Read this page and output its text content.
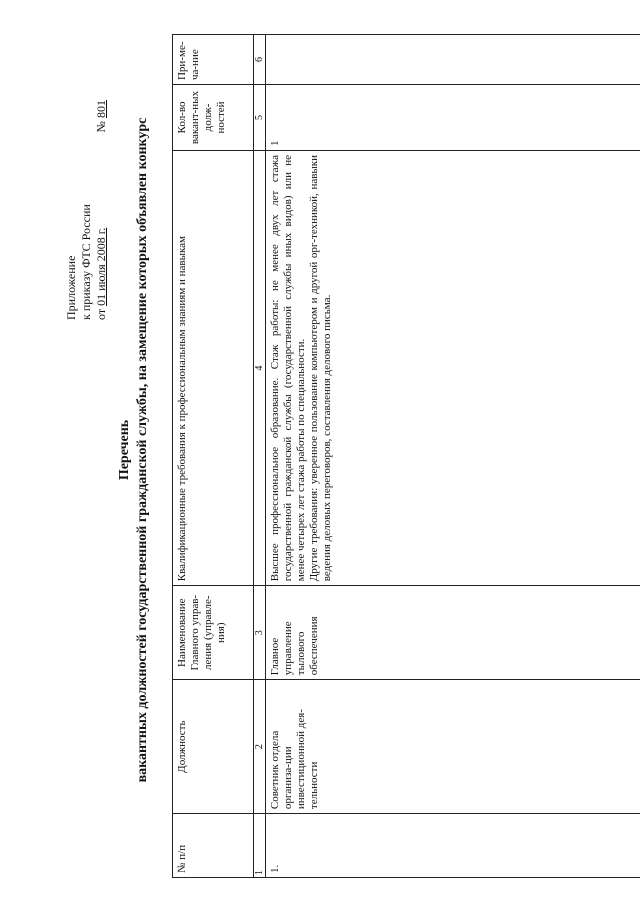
Приложение к приказу ФТС России от 01 июля 2008 г.
№ 801
Перечень вакантных должностей государственной гражданской службы, на замещение которых объявлен конкурс
№ п/п	Должность	Наименование Главного управ-ления (управле-ния)	Квалификационные требования к профессиональным знаниям и навыкам	Кол-во вакант-ных долж-ностей	При-ме-ча-ние
1	2	3	4	5	6
1.	Советник отдела организа-ции инвестиционной дея-тельности	Главное управление тылового обеспечения	Высшее профессиональное образование. Стаж работы: не менее двух лет стажа государственной гражданской службы (государственной службы иных видов) или не менее четырех лет стажа работы по специальности. Другие требования: уверенное пользование компьютером и другой орг-техникой, навыки ведения деловых переговоров, составления делового письма.	1	
